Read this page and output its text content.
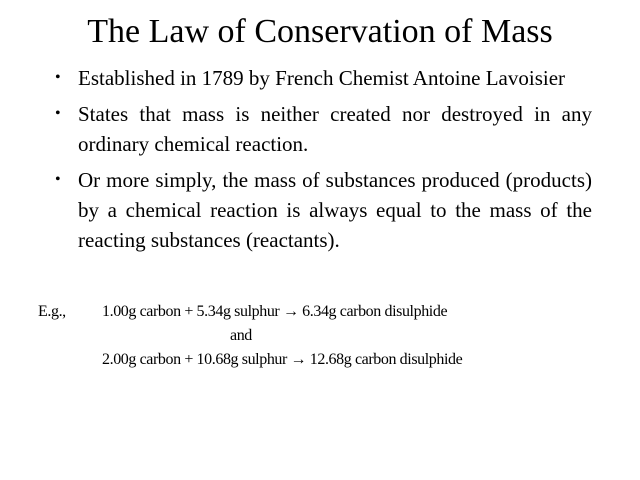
The Law of Conservation of Mass
• Established in 1789 by French Chemist Antoine Lavoisier
• States that mass is neither created nor destroyed in any ordinary chemical reaction.
• Or more simply, the mass of substances produced (products) by a chemical reaction is always equal to the mass of the reacting substances (reactants).
E.g., 1.00g carbon + 5.34g sulphur → 6.34g carbon disulphide
and
2.00g carbon + 10.68g sulphur → 12.68g carbon disulphide
